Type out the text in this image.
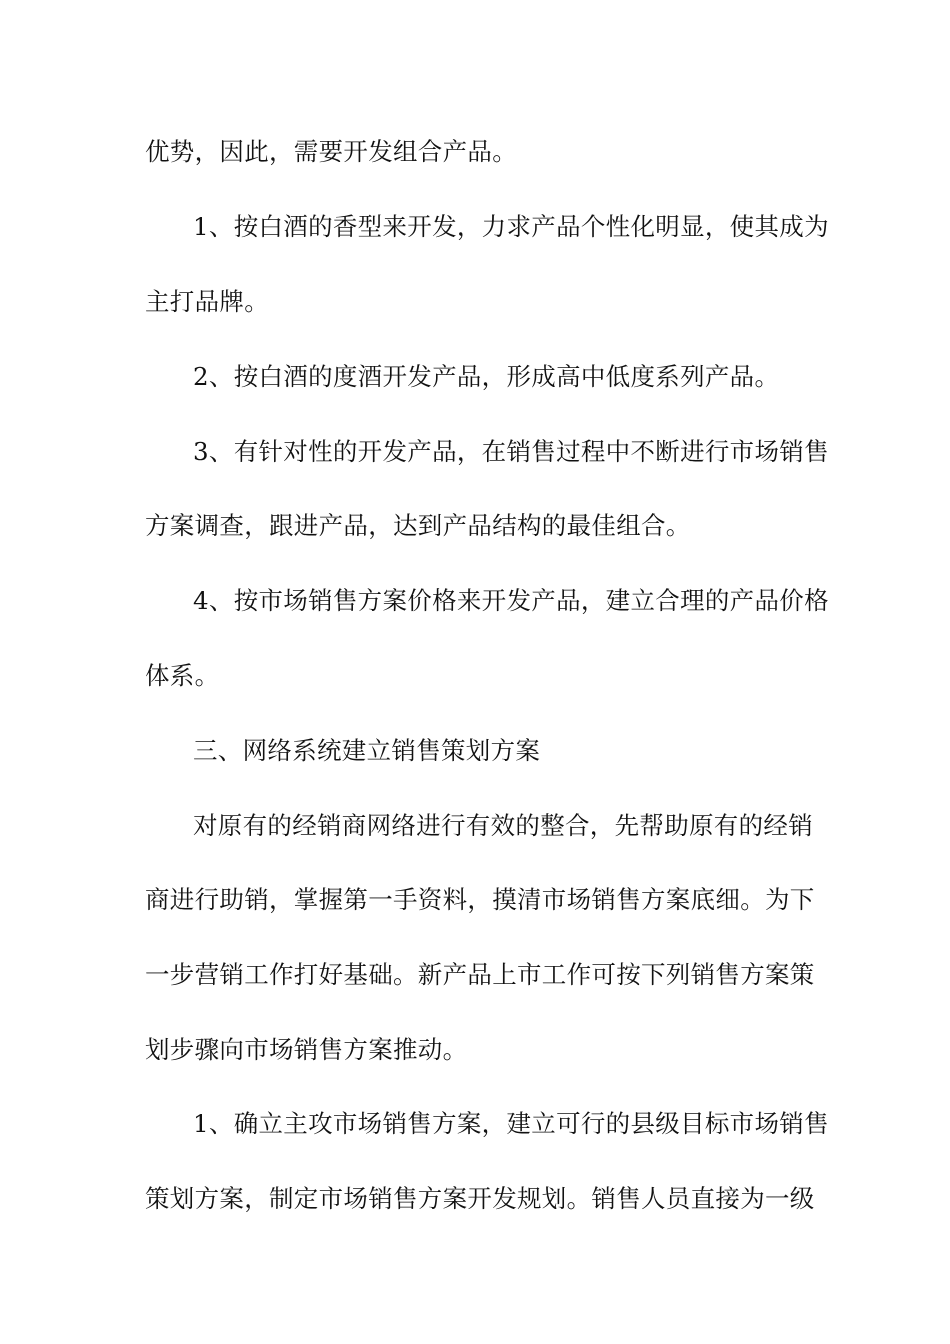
优势，因此，需要开发组合产品。
1、按白酒的香型来开发，力求产品个性化明显，使其成为
主打品牌。
2、按白酒的度酒开发产品，形成高中低度系列产品。
3、有针对性的开发产品，在销售过程中不断进行市场销售
方案调查，跟进产品，达到产品结构的最佳组合。
4、按市场销售方案价格来开发产品，建立合理的产品价格
体系。
三、网络系统建立销售策划方案
对原有的经销商网络进行有效的整合，先帮助原有的经销
商进行助销，掌握第一手资料，摸清市场销售方案底细。为下
一步营销工作打好基础。新产品上市工作可按下列销售方案策
划步骤向市场销售方案推动。
1、确立主攻市场销售方案，建立可行的县级目标市场销售
策划方案，制定市场销售方案开发规划。销售人员直接为一级
